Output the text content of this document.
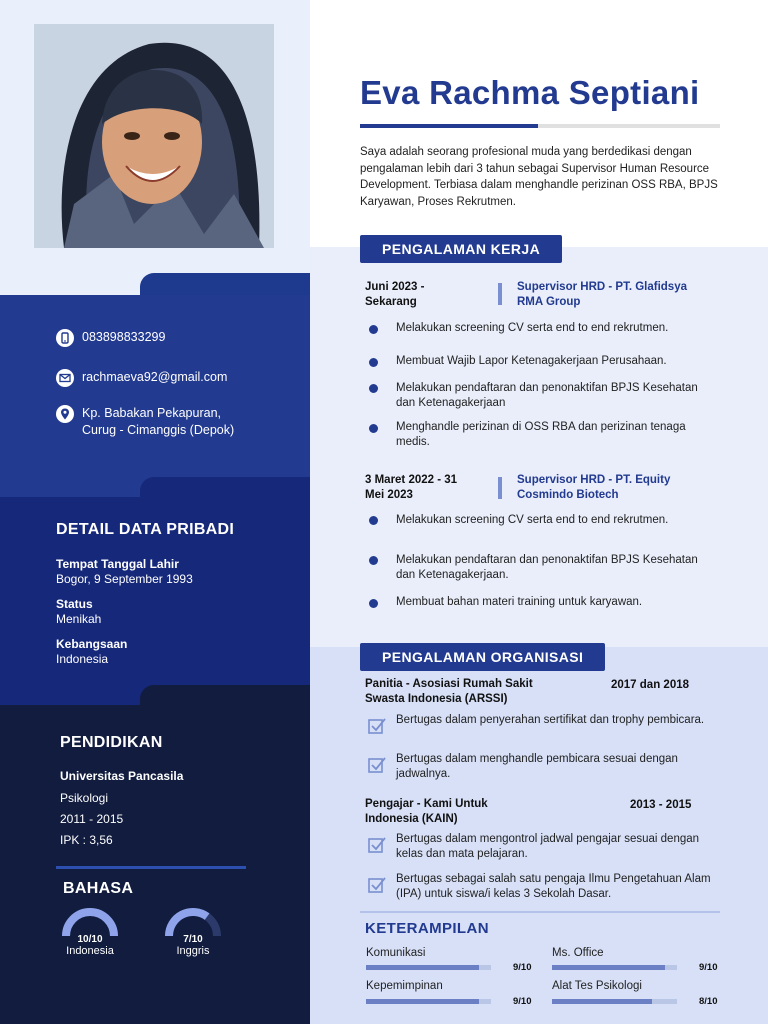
083898833299
rachmaeva92@gmail.com
Kp. Babakan Pekapuran,
Curug - Cimanggis (Depok)
DETAIL DATA PRIBADI
Tempat Tanggal Lahir
Bogor, 9 September 1993
Status
Menikah
Kebangsaan
Indonesia
PENDIDIKAN
Universitas Pancasila
Psikologi
2011 - 2015
IPK : 3,56
BAHASA
10/10
Indonesia
7/10
Inggris
Eva Rachma Septiani
Saya adalah seorang profesional muda yang berdedikasi dengan pengalaman lebih dari 3 tahun sebagai Supervisor Human Resource Development. Terbiasa dalam menghandle perizinan OSS RBA, BPJS Karyawan, Proses Rekrutmen.
PENGALAMAN KERJA
Juni 2023 -
Sekarang
Supervisor HRD - PT. Glafidsya
RMA Group
Melakukan screening CV serta end to end rekrutmen.
Membuat Wajib Lapor Ketenagakerjaan Perusahaan.
Melakukan pendaftaran dan penonaktifan BPJS Kesehatan dan Ketenagakerjaan
Menghandle perizinan di OSS RBA dan perizinan tenaga medis.
3 Maret 2022 - 31
Mei 2023
Supervisor HRD - PT. Equity
Cosmindo Biotech
Melakukan screening CV serta end to end rekrutmen.
Melakukan pendaftaran dan penonaktifan BPJS Kesehatan dan Ketenagakerjaan.
Membuat bahan materi training untuk karyawan.
PENGALAMAN ORGANISASI
Panitia - Asosiasi Rumah Sakit
Swasta Indonesia (ARSSI)
2017 dan 2018
Bertugas dalam penyerahan sertifikat dan trophy pembicara.
Bertugas dalam menghandle pembicara sesuai dengan jadwalnya.
Pengajar - Kami Untuk
Indonesia (KAIN)
2013 - 2015
Bertugas dalam mengontrol jadwal pengajar sesuai dengan kelas dan mata pelajaran.
Bertugas sebagai salah satu pengaja Ilmu Pengetahuan Alam (IPA) untuk siswa/i kelas 3 Sekolah Dasar.
KETERAMPILAN
Komunikasi
9/10
Ms. Office
9/10
Kepemimpinan
9/10
Alat Tes Psikologi
8/10
